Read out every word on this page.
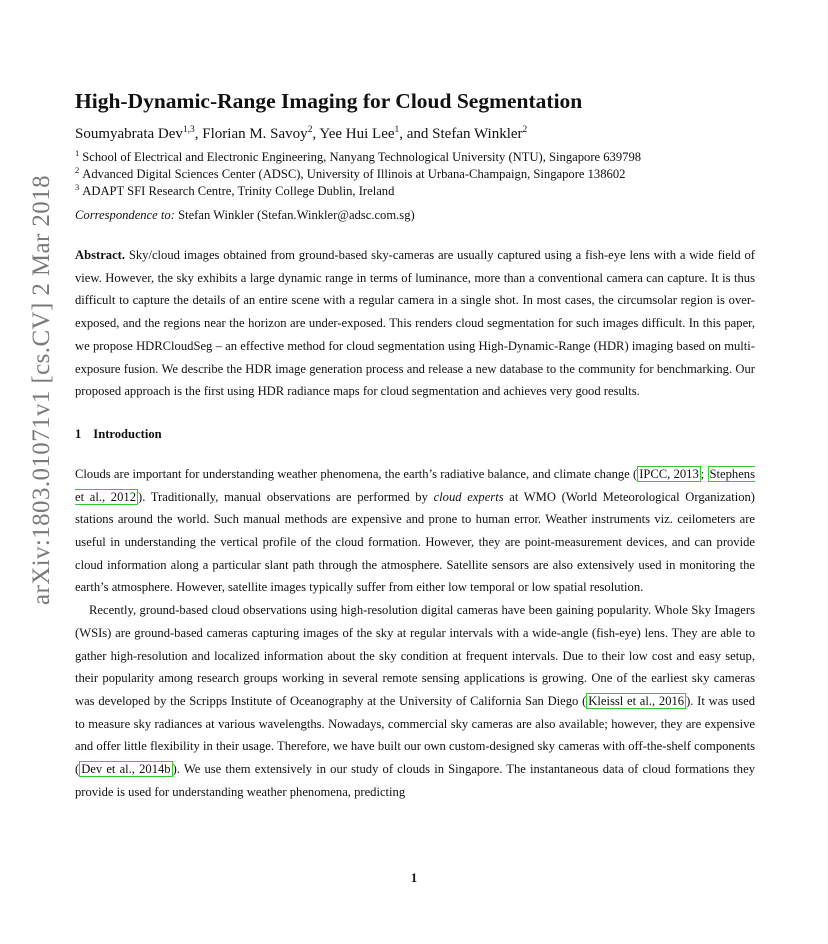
arXiv:1803.01071v1 [cs.CV] 2 Mar 2018
High-Dynamic-Range Imaging for Cloud Segmentation
Soumyabrata Dev$^{1,3}$, Florian M. Savoy$^2$, Yee Hui Lee$^1$, and Stefan Winkler$^2$
$^1$ School of Electrical and Electronic Engineering, Nanyang Technological University (NTU), Singapore 639798
$^2$ Advanced Digital Sciences Center (ADSC), University of Illinois at Urbana-Champaign, Singapore 138602
$^3$ ADAPT SFI Research Centre, Trinity College Dublin, Ireland
Correspondence to: Stefan Winkler (Stefan.Winkler@adsc.com.sg)

Abstract. Sky/cloud images obtained from ground-based sky-cameras are usually captured using a fish-eye lens with a wide field of view. However, the sky exhibits a large dynamic range in terms of luminance, more than a conventional camera can capture. It is thus difficult to capture the details of an entire scene with a regular camera in a single shot. In most cases, the circumsolar region is over-exposed, and the regions near the horizon are under-exposed. This renders cloud segmentation for such images difficult. In this paper, we propose HDRCloudSeg – an effective method for cloud segmentation using High-Dynamic-Range (HDR) imaging based on multi-exposure fusion. We describe the HDR image generation process and release a new database to the community for benchmarking. Our proposed approach is the first using HDR radiance maps for cloud segmentation and achieves very good results.

1 Introduction

Clouds are important for understanding weather phenomena, the earth’s radiative balance, and climate change ( IPCC, 2013 ; Stephens et al., 2012 ). Traditionally, manual observations are performed by cloud experts at WMO (World Meteorological Organization) stations around the world. Such manual methods are expensive and prone to human error. Weather instruments viz. ceilometers are useful in understanding the vertical profile of the cloud formation. However, they are point-measurement devices, and can provide cloud information along a particular slant path through the atmosphere. Satellite sensors are also extensively used in monitoring the earth’s atmosphere. However, satellite images typically suffer from either low temporal or low spatial resolution.

Recently, ground-based cloud observations using high-resolution digital cameras have been gaining popularity. Whole Sky Imagers (WSIs) are ground-based cameras capturing images of the sky at regular intervals with a wide-angle (fish-eye) lens. They are able to gather high-resolution and localized information about the sky condition at frequent intervals. Due to their low cost and easy setup, their popularity among research groups working in several remote sensing applications is growing. One of the earliest sky cameras was developed by the Scripps Institute of Oceanography at the University of California San Diego ( Kleissl et al., 2016 ). It was used to measure sky radiances at various wavelengths. Nowadays, commercial sky cameras are also available; however, they are expensive and offer little flexibility in their usage. Therefore, we have built our own custom-designed sky cameras with off-the-shelf components ( Dev et al., 2014b ). We use them extensively in our study of clouds in Singapore. The instantaneous data of cloud formations they provide is used for understanding weather phenomena, predicting

1
